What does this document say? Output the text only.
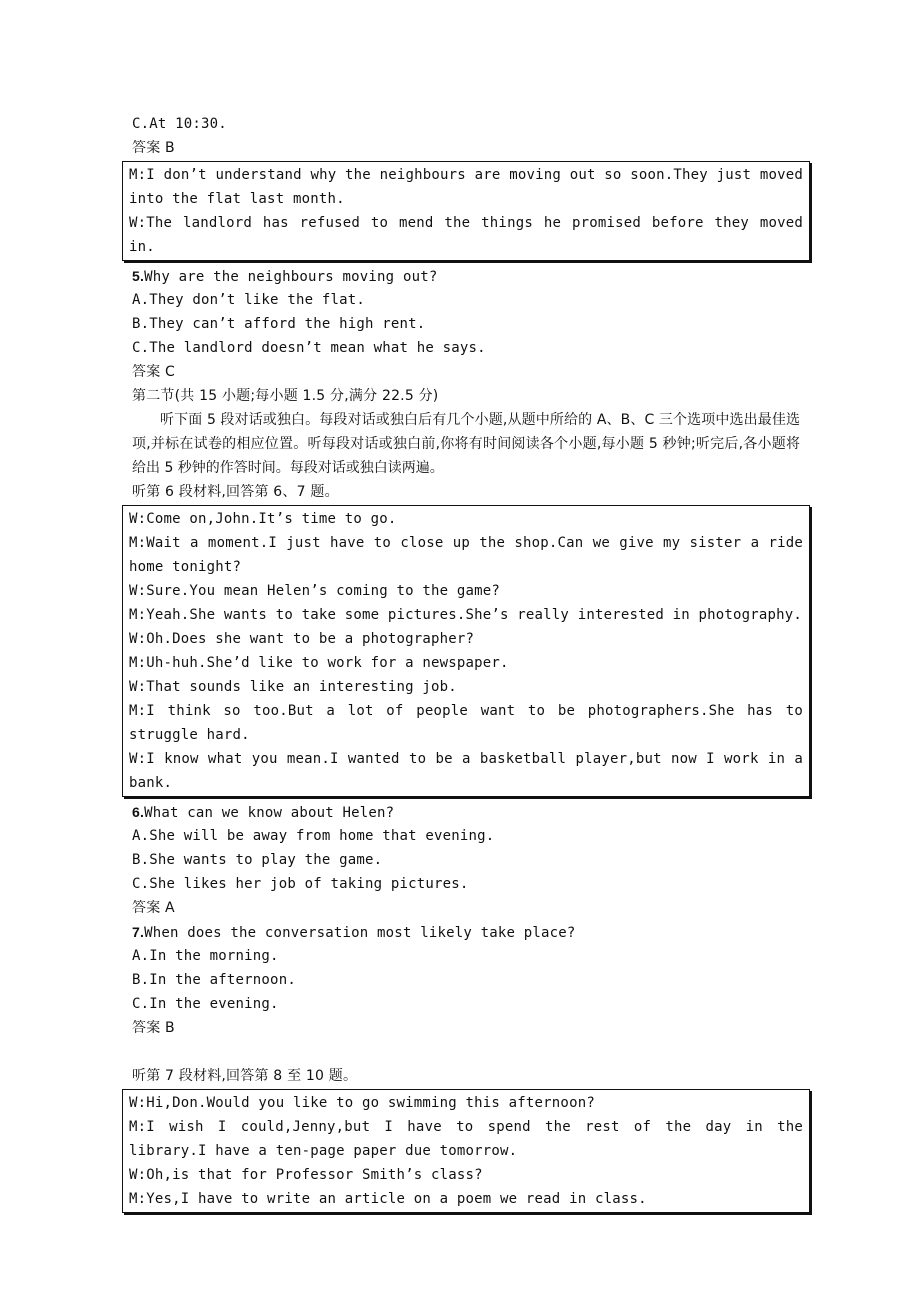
C.At 10:30.
答案 B
M:I don’t understand why the neighbours are moving out so soon.They just moved into the flat last month.
W:The landlord has refused to mend the things he promised before they moved in.
5.Why are the neighbours moving out?
A.They don’t like the flat.
B.They can’t afford the high rent.
C.The landlord doesn’t mean what he says.
答案 C
第二节(共 15 小题;每小题 1.5 分,满分 22.5 分)
听下面 5 段对话或独白。每段对话或独白后有几个小题,从题中所给的 A、B、C 三个选项中选出最佳选项,并标在试卷的相应位置。听每段对话或独白前,你将有时间阅读各个小题,每小题 5 秒钟;听完后,各小题将给出 5 秒钟的作答时间。每段对话或独白读两遍。
听第 6 段材料,回答第 6、7 题。
W:Come on,John.It’s time to go.
M:Wait a moment.I just have to close up the shop.Can we give my sister a ride home tonight?
W:Sure.You mean Helen’s coming to the game?
M:Yeah.She wants to take some pictures.She’s really interested in photography.
W:Oh.Does she want to be a photographer?
M:Uh-huh.She’d like to work for a newspaper.
W:That sounds like an interesting job.
M:I think so too.But a lot of people want to be photographers.She has to struggle hard.
W:I know what you mean.I wanted to be a basketball player,but now I work in a bank.
6.What can we know about Helen?
A.She will be away from home that evening.
B.She wants to play the game.
C.She likes her job of taking pictures.
答案 A
7.When does the conversation most likely take place?
A.In the morning.
B.In the afternoon.
C.In the evening.
答案 B
听第 7 段材料,回答第 8 至 10 题。
W:Hi,Don.Would you like to go swimming this afternoon?
M:I wish I could,Jenny,but I have to spend the rest of the day in the library.I have a ten-page paper due tomorrow.
W:Oh,is that for Professor Smith’s class?
M:Yes,I have to write an article on a poem we read in class.
